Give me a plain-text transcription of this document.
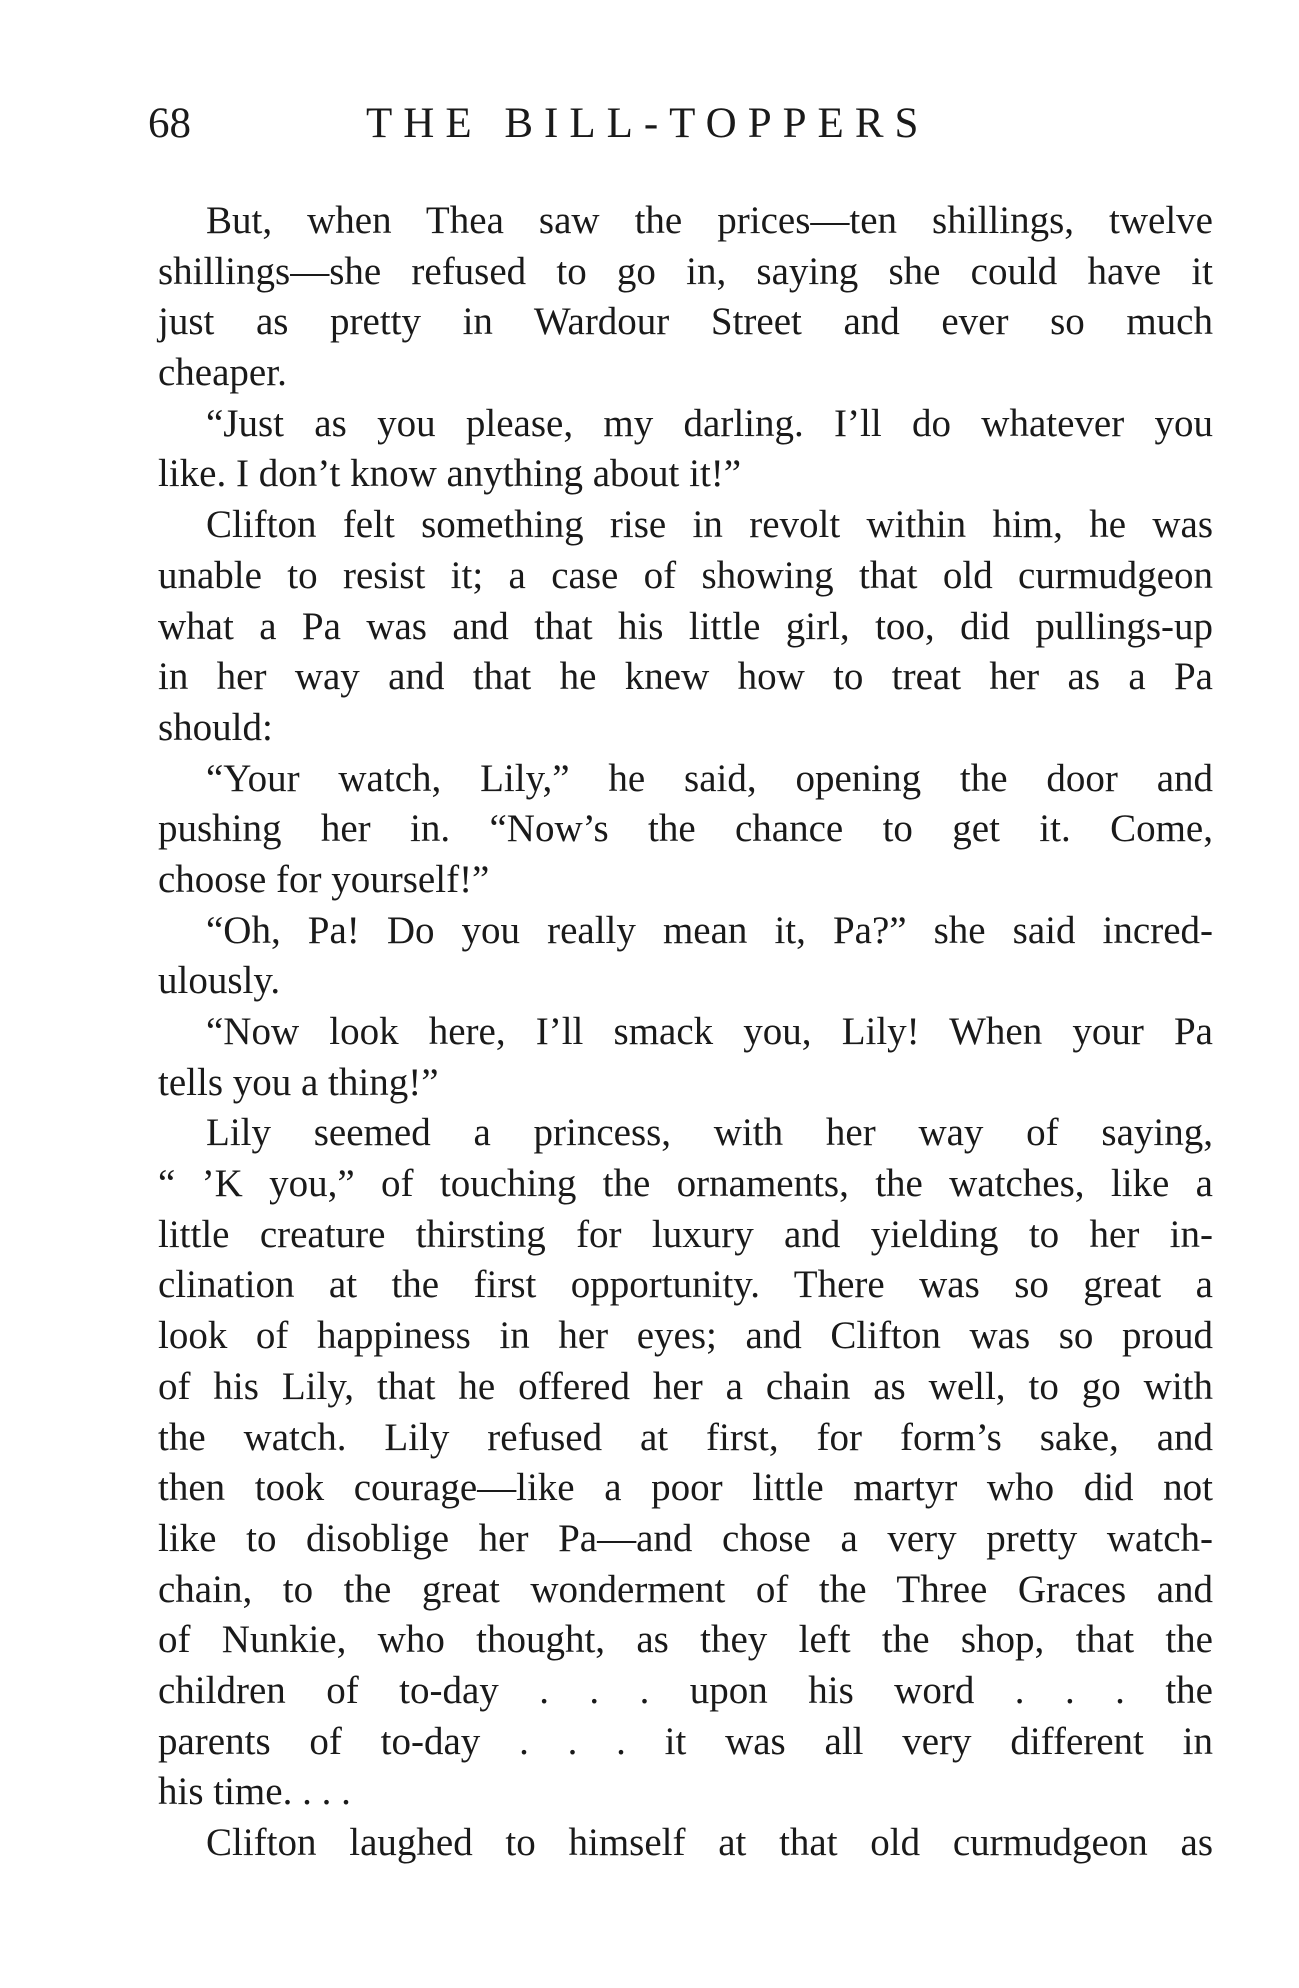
68	THE BILL-TOPPERS
But, when Thea saw the prices—ten shillings, twelve
shillings—she refused to go in, saying she could have it
just as pretty in Wardour Street and ever so much
cheaper.
“Just as you please, my darling. I’ll do whatever you
like. I don’t know anything about it!”
Clifton felt something rise in revolt within him, he was
unable to resist it; a case of showing that old curmudgeon
what a Pa was and that his little girl, too, did pullings-up
in her way and that he knew how to treat her as a Pa
should:
“Your watch, Lily,” he said, opening the door and
pushing her in. “Now’s the chance to get it. Come,
choose for yourself!”
“Oh, Pa! Do you really mean it, Pa?” she said incred-
ulously.
“Now look here, I’ll smack you, Lily! When your Pa
tells you a thing!”
Lily seemed a princess, with her way of saying,
“ ’K you,” of touching the ornaments, the watches, like a
little creature thirsting for luxury and yielding to her in-
clination at the first opportunity. There was so great a
look of happiness in her eyes; and Clifton was so proud
of his Lily, that he offered her a chain as well, to go with
the watch. Lily refused at first, for form’s sake, and
then took courage—like a poor little martyr who did not
like to disoblige her Pa—and chose a very pretty watch-
chain, to the great wonderment of the Three Graces and
of Nunkie, who thought, as they left the shop, that the
children of to-day . . . upon his word . . . the
parents of to-day . . . it was all very different in
his time. . . .
Clifton laughed to himself at that old curmudgeon as
